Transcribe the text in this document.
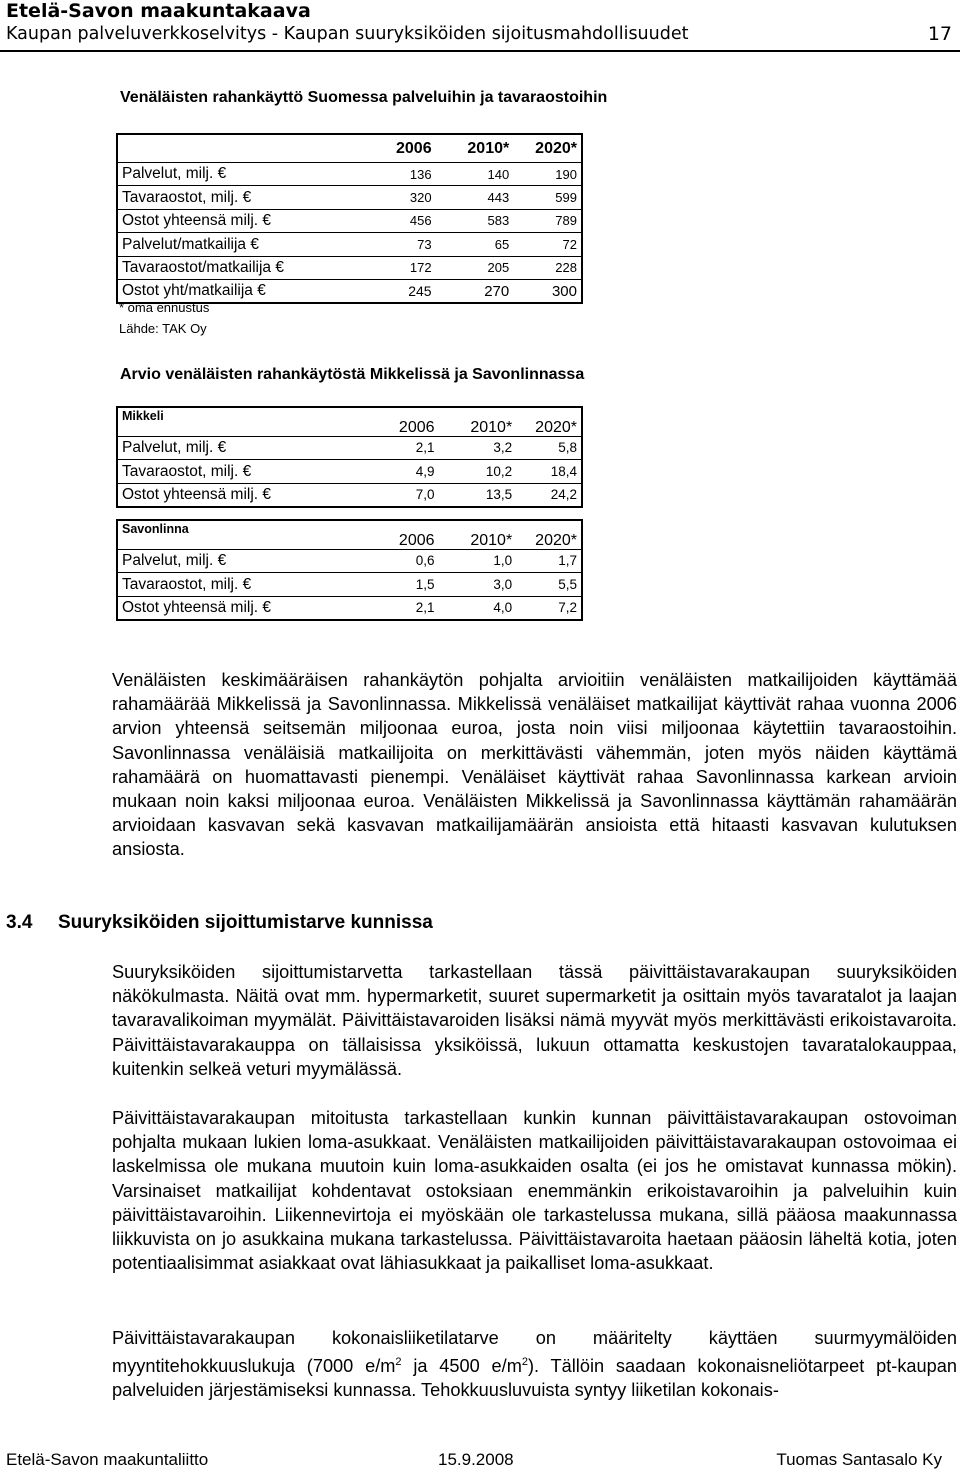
Etelä-Savon maakuntakaava
Kaupan palveluverkkoselvitys - Kaupan suuryksiköiden sijoitusmahdollisuudet	17
Venäläisten rahankäyttö Suomessa palveluihin ja tavaraostoihin
	2006	2010*	2020*
Palvelut, milj. €	136	140	190
Tavaraostot, milj. €	320	443	599
Ostot yhteensä milj. €	456	583	789
Palvelut/matkailija €	73	65	72
Tavaraostot/matkailija €	172	205	228
Ostot yht/matkailija €	245	270	300
* oma ennustus
Lähde: TAK Oy
Arvio venäläisten rahankäytöstä Mikkelissä ja Savonlinnassa
Mikkeli	2006	2010*	2020*
Palvelut, milj. €	2,1	3,2	5,8
Tavaraostot, milj. €	4,9	10,2	18,4
Ostot yhteensä milj. €	7,0	13,5	24,2
Savonlinna	2006	2010*	2020*
Palvelut, milj. €	0,6	1,0	1,7
Tavaraostot, milj. €	1,5	3,0	5,5
Ostot yhteensä milj. €	2,1	4,0	7,2
Venäläisten keskimääräisen rahankäytön pohjalta arvioitiin venäläisten matkailijoiden käyttämää rahamäärää Mikkelissä ja Savonlinnassa. Mikkelissä venäläiset matkailijat käyttivät rahaa vuonna 2006 arvion yhteensä seitsemän miljoonaa euroa, josta noin viisi miljoonaa käytettiin tavaraostoihin. Savonlinnassa venäläisiä matkailijoita on merkittävästi vähemmän, joten myös näiden käyttämä rahamäärä on huomattavasti pienempi. Venäläiset käyttivät rahaa Savonlinnassa karkean arvioin mukaan noin kaksi miljoonaa euroa. Venäläisten Mikkelissä ja Savonlinnassa käyttämän rahamäärän arvioidaan kasvavan sekä kasvavan matkailijamäärän ansioista että hitaasti kasvavan kulutuksen ansiosta.
3.4 Suuryksiköiden sijoittumistarve kunnissa
Suuryksiköiden sijoittumistarvetta tarkastellaan tässä päivittäistavarakaupan suuryksiköiden näkökulmasta. Näitä ovat mm. hypermarketit, suuret supermarketit ja osittain myös tavaratalot ja laajan tavaravalikoiman myymälät. Päivittäistavaroiden lisäksi nämä myyvät myös merkittävästi erikoistavaroita. Päivittäistavarakauppa on tällaisissa yksiköissä, lukuun ottamatta keskustojen tavaratalokauppaa, kuitenkin selkeä veturi myymälässä.
Päivittäistavarakaupan mitoitusta tarkastellaan kunkin kunnan päivittäistavarakaupan ostovoiman pohjalta mukaan lukien loma-asukkaat. Venäläisten matkailijoiden päivittäistavarakaupan ostovoimaa ei laskelmissa ole mukana muutoin kuin loma-asukkaiden osalta (ei jos he omistavat kunnassa mökin). Varsinaiset matkailijat kohdentavat ostoksiaan enemmänkin erikoistavaroihin ja palveluihin kuin päivittäistavaroihin. Liikennevirtoja ei myöskään ole tarkastelussa mukana, sillä pääosa maakunnassa liikkuvista on jo asukkaina mukana tarkastelussa. Päivittäistavaroita haetaan pääosin läheltä kotia, joten potentiaalisimmat asiakkaat ovat lähiasukkaat ja paikalliset loma-asukkaat.
Päivittäistavarakaupan kokonaisliiketilatarve on määritelty käyttäen suurmyymälöiden myyntitehokkuuslukuja (7000 $e/m^2$ ja 4500 $e/m^2$). Tällöin saadaan kokonaisneliötarpeet pt-kaupan palveluiden järjestämiseksi kunnassa. Tehokkuusluvuista syntyy liiketilan kokonais-
Etelä-Savon maakuntaliitto	15.9.2008	Tuomas Santasalo Ky
